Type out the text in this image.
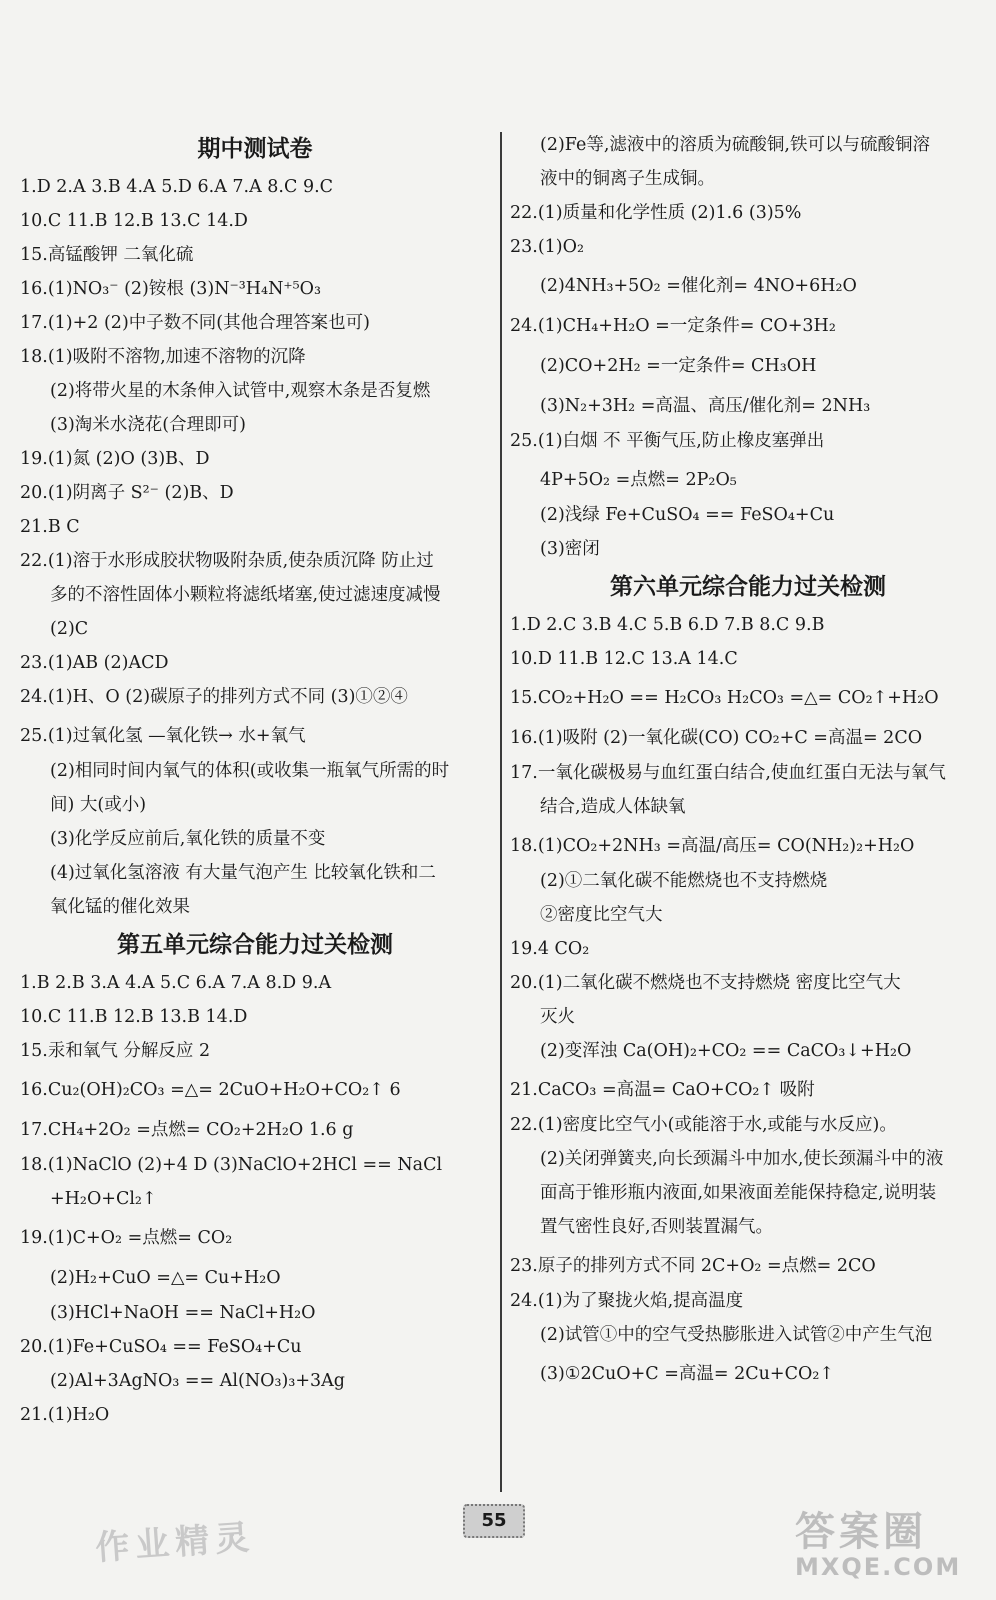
期中测试卷
1.D 2.A 3.B 4.A 5.D 6.A 7.A 8.C 9.C
10.C 11.B 12.B 13.C 14.D
15.高锰酸钾 二氧化硫
16.(1)NO₃⁻ (2)铵根 (3)N⁻³H₄N⁺⁵O₃
17.(1)+2 (2)中子数不同(其他合理答案也可)
18.(1)吸附不溶物,加速不溶物的沉降
(2)将带火星的木条伸入试管中,观察木条是否复燃
(3)淘米水浇花(合理即可)
19.(1)氮 (2)O (3)B、D
20.(1)阴离子 S²⁻ (2)B、D
21.B C
22.(1)溶于水形成胶状物吸附杂质,使杂质沉降 防止过
多的不溶性固体小颗粒将滤纸堵塞,使过滤速度减慢
(2)C
23.(1)AB (2)ACD
24.(1)H、O (2)碳原子的排列方式不同 (3)①②④
25.(1)过氧化氢 —氧化铁→ 水+氧气
(2)相同时间内氧气的体积(或收集一瓶氧气所需的时
间) 大(或小)
(3)化学反应前后,氧化铁的质量不变
(4)过氧化氢溶液 有大量气泡产生 比较氧化铁和二
氧化锰的催化效果
第五单元综合能力过关检测
1.B 2.B 3.A 4.A 5.C 6.A 7.A 8.D 9.A
10.C 11.B 12.B 13.B 14.D
15.汞和氧气 分解反应 2
16.Cu₂(OH)₂CO₃ =△= 2CuO+H₂O+CO₂↑ 6
17.CH₄+2O₂ =点燃= CO₂+2H₂O 1.6 g
18.(1)NaClO (2)+4 D (3)NaClO+2HCl == NaCl
+H₂O+Cl₂↑
19.(1)C+O₂ =点燃= CO₂
(2)H₂+CuO =△= Cu+H₂O
(3)HCl+NaOH == NaCl+H₂O
20.(1)Fe+CuSO₄ == FeSO₄+Cu
(2)Al+3AgNO₃ == Al(NO₃)₃+3Ag
21.(1)H₂O
(2)Fe等,滤液中的溶质为硫酸铜,铁可以与硫酸铜溶
液中的铜离子生成铜。
22.(1)质量和化学性质 (2)1.6 (3)5%
23.(1)O₂
(2)4NH₃+5O₂ =催化剂= 4NO+6H₂O
24.(1)CH₄+H₂O =一定条件= CO+3H₂
(2)CO+2H₂ =一定条件= CH₃OH
(3)N₂+3H₂ =高温、高压/催化剂= 2NH₃
25.(1)白烟 不 平衡气压,防止橡皮塞弹出
4P+5O₂ =点燃= 2P₂O₅
(2)浅绿 Fe+CuSO₄ == FeSO₄+Cu
(3)密闭
第六单元综合能力过关检测
1.D 2.C 3.B 4.C 5.B 6.D 7.B 8.C 9.B
10.D 11.B 12.C 13.A 14.C
15.CO₂+H₂O == H₂CO₃ H₂CO₃ =△= CO₂↑+H₂O
16.(1)吸附 (2)一氧化碳(CO) CO₂+C =高温= 2CO
17.一氧化碳极易与血红蛋白结合,使血红蛋白无法与氧气
结合,造成人体缺氧
18.(1)CO₂+2NH₃ =高温/高压= CO(NH₂)₂+H₂O
(2)①二氧化碳不能燃烧也不支持燃烧
②密度比空气大
19.4 CO₂
20.(1)二氧化碳不燃烧也不支持燃烧 密度比空气大
灭火
(2)变浑浊 Ca(OH)₂+CO₂ == CaCO₃↓+H₂O
21.CaCO₃ =高温= CaO+CO₂↑ 吸附
22.(1)密度比空气小(或能溶于水,或能与水反应)。
(2)关闭弹簧夹,向长颈漏斗中加水,使长颈漏斗中的液
面高于锥形瓶内液面,如果液面差能保持稳定,说明装
置气密性良好,否则装置漏气。
23.原子的排列方式不同 2C+O₂ =点燃= 2CO
24.(1)为了聚拢火焰,提高温度
(2)试管①中的空气受热膨胀进入试管②中产生气泡
(3)①2CuO+C =高温= 2Cu+CO₂↑
55
作业精灵	答案圈
MXQE.COM
